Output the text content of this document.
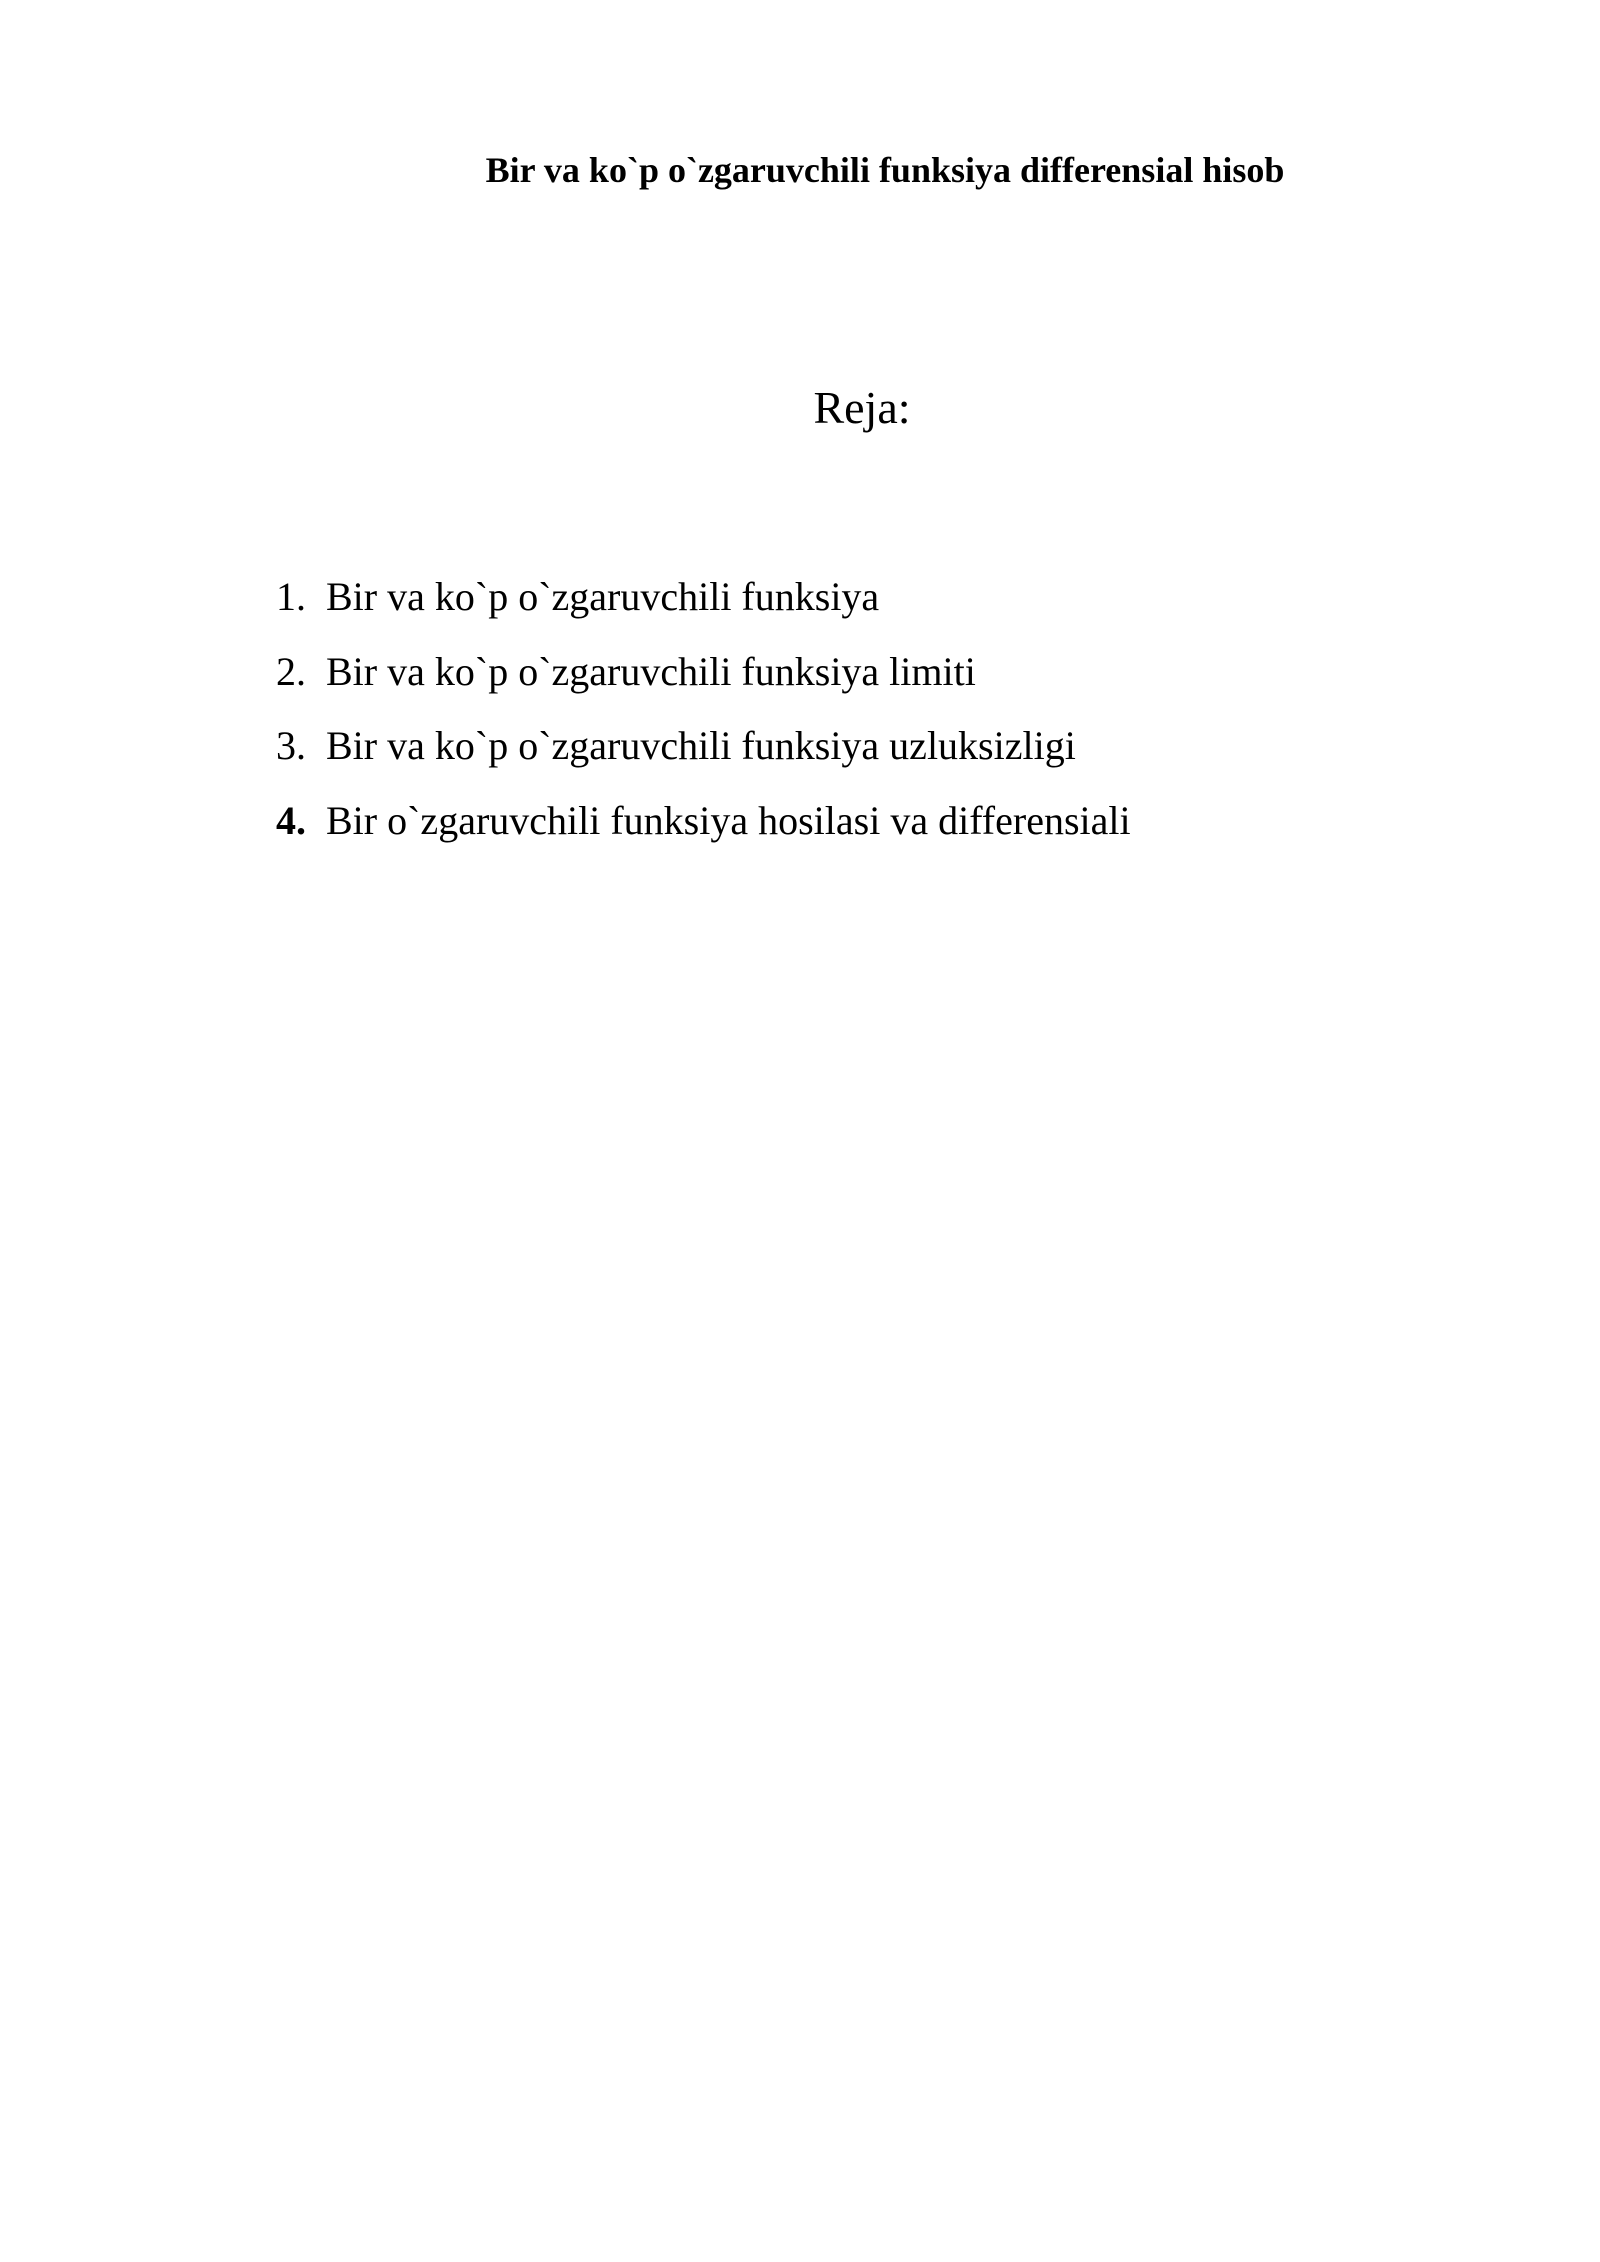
Bir va ko`p o`zgaruvchili funksiya differensial hisob
Reja:
1. Bir va ko`p o`zgaruvchili funksiya
2. Bir va ko`p o`zgaruvchili funksiya limiti
3. Bir va ko`p o`zgaruvchili funksiya uzluksizligi
4. Bir o`zgaruvchili funksiya hosilasi va differensiali
